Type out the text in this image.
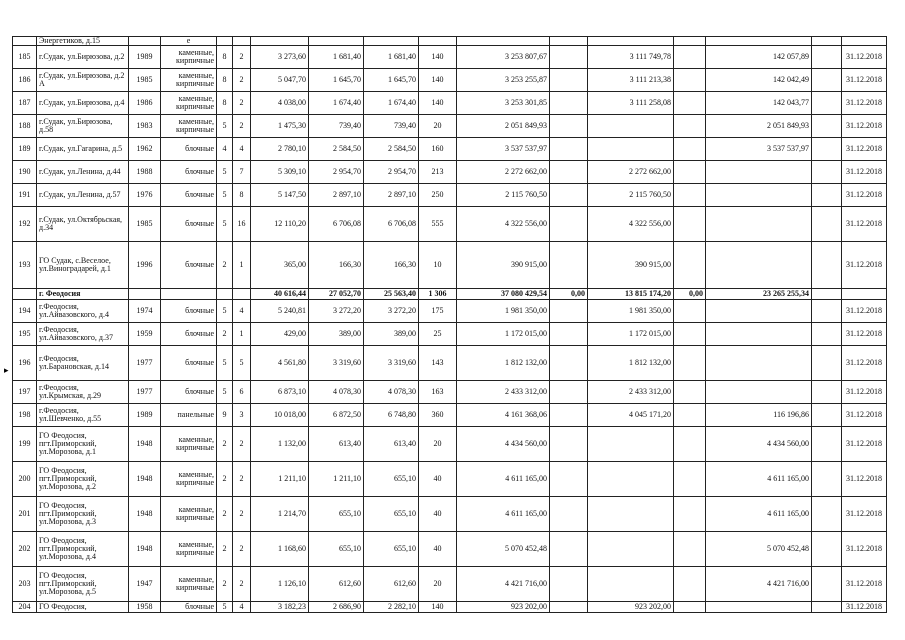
	Энергетиков, д.15		е													
185	г.Судак, ул.Бирюзова, д.2	1989	каменные, кирпичные	8	2	3 273,60	1 681,40	1 681,40	140	3 253 807,67		3 111 749,78		142 057,89		31.12.2018
186	г.Судак, ул.Бирюзова, д.2 А	1985	каменные, кирпичные	8	2	5 047,70	1 645,70	1 645,70	140	3 253 255,87		3 111 213,38		142 042,49		31.12.2018
187	г.Судак, ул.Бирюзова, д.4	1986	каменные, кирпичные	8	2	4 038,00	1 674,40	1 674,40	140	3 253 301,85		3 111 258,08		142 043,77		31.12.2018
188	г.Судак, ул.Бирюзова, д.58	1983	каменные, кирпичные	5	2	1 475,30	739,40	739,40	20	2 051 849,93				2 051 849,93		31.12.2018
189	г.Судак, ул.Гагарина, д.5	1962	блочные	4	4	2 780,10	2 584,50	2 584,50	160	3 537 537,97				3 537 537,97		31.12.2018
190	г.Судак, ул.Ленина, д.44	1988	блочные	5	7	5 309,10	2 954,70	2 954,70	213	2 272 662,00		2 272 662,00				31.12.2018
191	г.Судак, ул.Ленина, д.57	1976	блочные	5	8	5 147,50	2 897,10	2 897,10	250	2 115 760,50		2 115 760,50				31.12.2018
192	г.Судак, ул.Октябрьская, д.34	1985	блочные	5	16	12 110,20	6 706,08	6 706,08	555	4 322 556,00		4 322 556,00				31.12.2018
193	ГО Судак, с.Веселое, ул.Виноградарей, д.1	1996	блочные	2	1	365,00	166,30	166,30	10	390 915,00		390 915,00				31.12.2018
	г. Феодосия					40 616,44	27 052,70	25 563,40	1 306	37 080 429,54	0,00	13 815 174,20	0,00	23 265 255,34		
194	г.Феодосия, ул.Айвазовского, д.4	1974	блочные	5	4	5 240,81	3 272,20	3 272,20	175	1 981 350,00		1 981 350,00				31.12.2018
195	г.Феодосия, ул.Айвазовского, д.37	1959	блочные	2	1	429,00	389,00	389,00	25	1 172 015,00		1 172 015,00				31.12.2018
196	г.Феодосия, ул.Барановская, д.14	1977	блочные	5	5	4 561,80	3 319,60	3 319,60	143	1 812 132,00		1 812 132,00				31.12.2018
197	г.Феодосия, ул.Крымская, д.29	1977	блочные	5	6	6 873,10	4 078,30	4 078,30	163	2 433 312,00		2 433 312,00				31.12.2018
198	г.Феодосия, ул.Шевченко, д.55	1989	панельные	9	3	10 018,00	6 872,50	6 748,80	360	4 161 368,06		4 045 171,20		116 196,86		31.12.2018
199	ГО Феодосия, пгт.Приморский, ул.Морозова, д.1	1948	каменные, кирпичные	2	2	1 132,00	613,40	613,40	20	4 434 560,00				4 434 560,00		31.12.2018
200	ГО Феодосия, пгт.Приморский, ул.Морозова, д.2	1948	каменные, кирпичные	2	2	1 211,10	1 211,10	655,10	40	4 611 165,00				4 611 165,00		31.12.2018
201	ГО Феодосия, пгт.Приморский, ул.Морозова, д.3	1948	каменные, кирпичные	2	2	1 214,70	655,10	655,10	40	4 611 165,00				4 611 165,00		31.12.2018
202	ГО Феодосия, пгт.Приморский, ул.Морозова, д.4	1948	каменные, кирпичные	2	2	1 168,60	655,10	655,10	40	5 070 452,48				5 070 452,48		31.12.2018
203	ГО Феодосия, пгт.Приморский, ул.Морозова, д.5	1947	каменные, кирпичные	2	2	1 126,10	612,60	612,60	20	4 421 716,00				4 421 716,00		31.12.2018
204	ГО Феодосия,	1958	блочные	5	4	3 182,23	2 686,90	2 282,10	140	923 202,00		923 202,00				31.12.2018
▸
